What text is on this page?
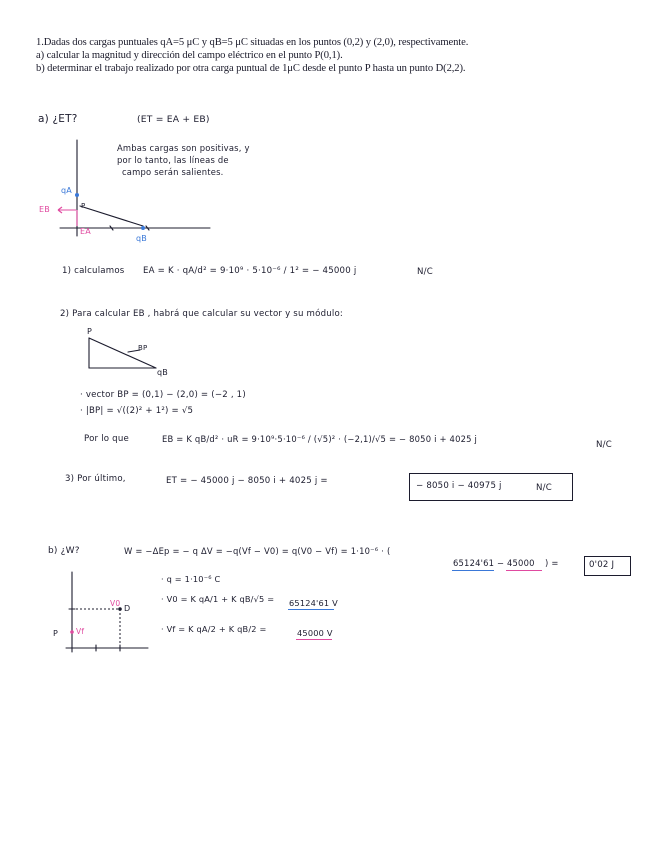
1.Dadas dos cargas puntuales qA=5 μC y qB=5 μC situadas en los puntos (0,2) y (2,0), respectivamente.
a) calcular la magnitud y dirección del campo eléctrico en el punto P(0,1).
b) determinar el trabajo realizado por otra carga puntual de 1μC desde el punto P hasta un punto D(2,2).
a) ¿ET?	(ET = EA + EB)
Ambas cargas son positivas, y
por lo tanto, las líneas de
campo serán salientes.
qA
qB
P
EB
EA
1) calculamos EA = K · qA/d² = 9·10⁹ · 5·10⁻⁶ / 1² = − 45000 j	N/C
2) Para calcular EB , habrá que calcular su vector y su módulo:
P
qB
BP
· vector BP = (0,1) − (2,0) = (−2 , 1)
· |BP| = √((2)² + 1²) = √5
Por lo que	EB = K qB/d² · uR = 9·10⁹·5·10⁻⁶ / (√5)² · (−2,1)/√5 = − 8050 i + 4025 j
N/C
3) Por último,	ET = − 45000 j − 8050 i + 4025 j =	− 8050 i − 40975 j	N/C
b) ¿W?	W = −ΔEp = − q ΔV = −q(Vf − V0) = q(V0 − Vf) = 1·10⁻⁶ · (
65124'61 − 45000 ) =	0'02 J
· q = 1·10⁻⁶ C
· V0 = K qA/1 + K qB/√5 = 65124'61 V
· Vf = K qA/2 + K qB/2 =	45000 V
P
D
V0
Vf
